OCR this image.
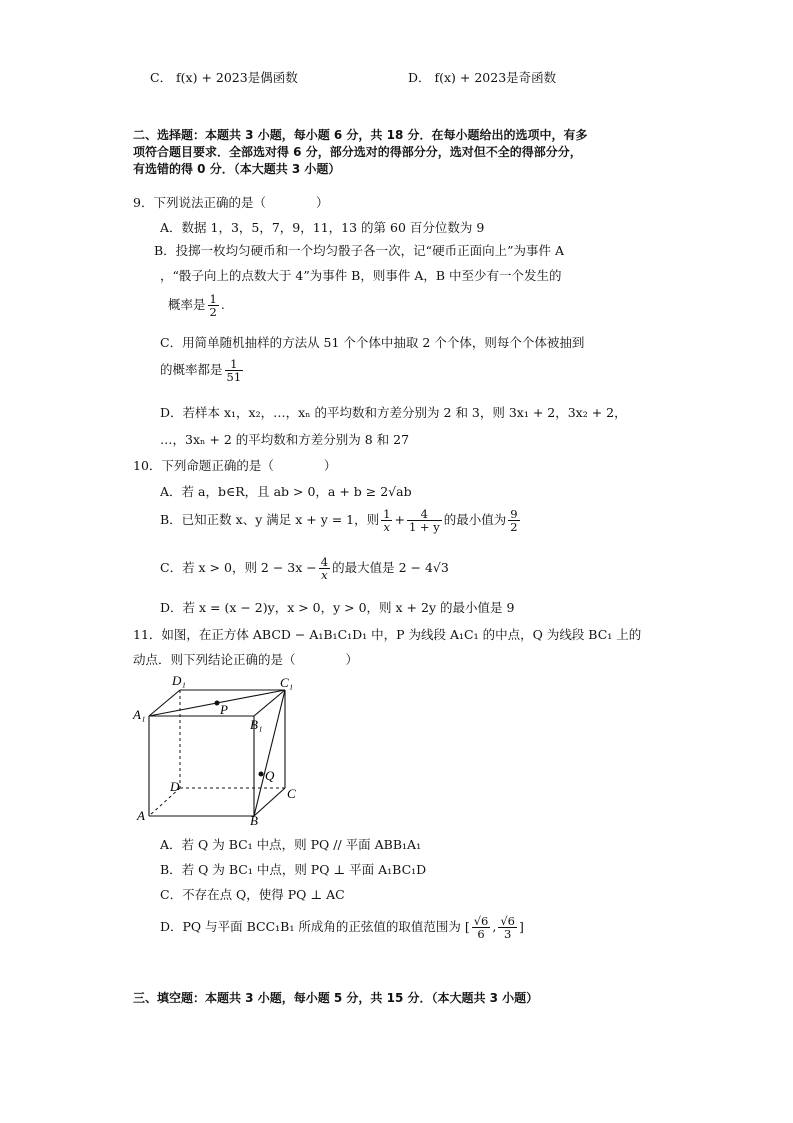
C． f(x) + 2023是偶函数	D． f(x) + 2023是奇函数
二、选择题：本题共 3 小题，每小题 6 分，共 18 分．在每小题给出的选项中，有多
项符合题目要求．全部选对得 6 分，部分选对的得部分分，选对但不全的得部分分，
有选错的得 0 分．（本大题共 3 小题）
9．下列说法正确的是（　　　　）
A．数据 1，3，5，7，9，11，13 的第 60 百分位数为 9
B．投掷一枚均匀硬币和一个均匀骰子各一次，记“硬币正面向上”为事件 A
，“骰子向上的点数大于 4”为事件 B，则事件 A，B 中至少有一个发生的
概率是 $\frac{1}{2}$ .
C．用简单随机抽样的方法从 51 个个体中抽取 2 个个体，则每个个体被抽到
的概率都是 $\frac{1}{51}$
D．若样本 x₁，x₂，…，xₙ 的平均数和方差分别为 2 和 3，则 3x₁ + 2，3x₂ + 2，
…，3xₙ + 2 的平均数和方差分别为 8 和 27
10．下列命题正确的是（　　　　）
A．若 a，b∈R，且 ab > 0，a + b ≥ 2√ab
B．已知正数 x、y 满足 x + y = 1，则 $\frac{1}{x} + \frac{4}{1 + y}$ 的最小值为 $\frac{9}{2}$
C．若 x > 0，则 $2 - 3x - \frac{4}{x}$ 的最大值是 2 − 4√3
D．若 x = (x − 2)y，x > 0，y > 0，则 x + 2y 的最小值是 9
11．如图，在正方体 ABCD − A₁B₁C₁D₁ 中，P 为线段 A₁C₁ 的中点，Q 为线段 BC₁ 上的
动点．则下列结论正确的是（　　　　）
D₁	C₁
A₁
B₁
P
Q
D	C
A	B
A．若 Q 为 BC₁ 中点，则 PQ // 平面 ABB₁A₁
B．若 Q 为 BC₁ 中点，则 PQ ⊥ 平面 A₁BC₁D
C．不存在点 Q，使得 PQ ⊥ AC
D．PQ 与平面 BCC₁B₁ 所成角的正弦值的取值范围为 [ $\frac{√6}{6}$ , $\frac{√6}{3}$ ]
三、填空题：本题共 3 小题，每小题 5 分，共 15 分．（本大题共 3 小题）
